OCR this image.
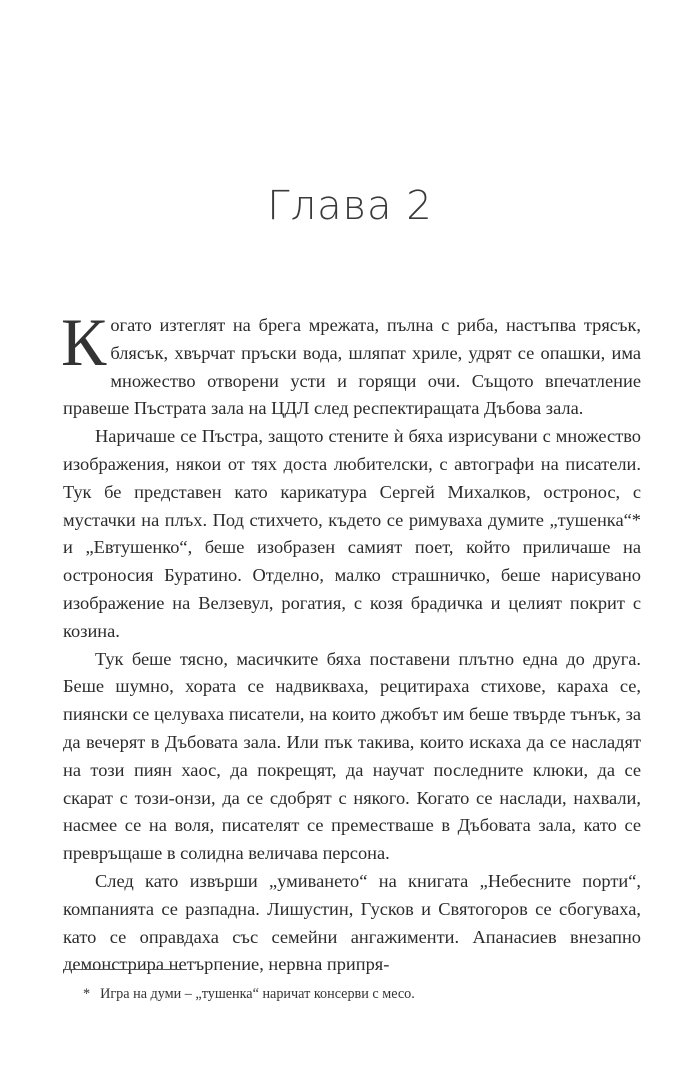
Глава 2

Когато изтеглят на брега мрежата, пълна с риба, настъпва трясък, блясък, хвърчат пръски вода, шляпат хриле, удрят се опашки, има множество отворени усти и горящи очи. Същото впечатление правеше Пъстрата зала на ЦДЛ след респектиращата Дъбова зала.

Наричаше се Пъстра, защото стените ѝ бяха изрисувани с множество изображения, някои от тях доста любителски, с автографи на писатели. Тук бе представен като карикатура Сергей Михалков, остронос, с мустачки на плъх. Под стихчето, където се римуваха думите „тушенка“* и „Евтушенко“, беше изобразен самият поет, който приличаше на остроносия Буратино. Отделно, малко страшничко, беше нарисувано изображение на Велзевул, рогатия, с козя брадичка и целият покрит с козина.

Тук беше тясно, масичките бяха поставени плътно една до друга. Беше шумно, хората се надвикваха, рецитираха стихове, караха се, пиянски се целуваха писатели, на които джобът им беше твърде тънък, за да вечерят в Дъбовата зала. Или пък такива, които искаха да се насладят на този пиян хаос, да покрещят, да научат последните клюки, да се скарат с този-онзи, да се сдобрят с някого. Когато се наслади, нахвали, насмее се на воля, писателят се преместваше в Дъбовата зала, като се превръщаше в солидна величава персона.

След като извърши „умиването“ на книгата „Небесните порти“, компанията се разпадна. Лишустин, Гусков и Святогоров се сбогуваха, като се оправдаха със семейни ангажименти. Апанасиев внезапно демонстрира нетърпение, нервна припря-

* Игра на думи – „тушенка“ наричат консерви с месо.
